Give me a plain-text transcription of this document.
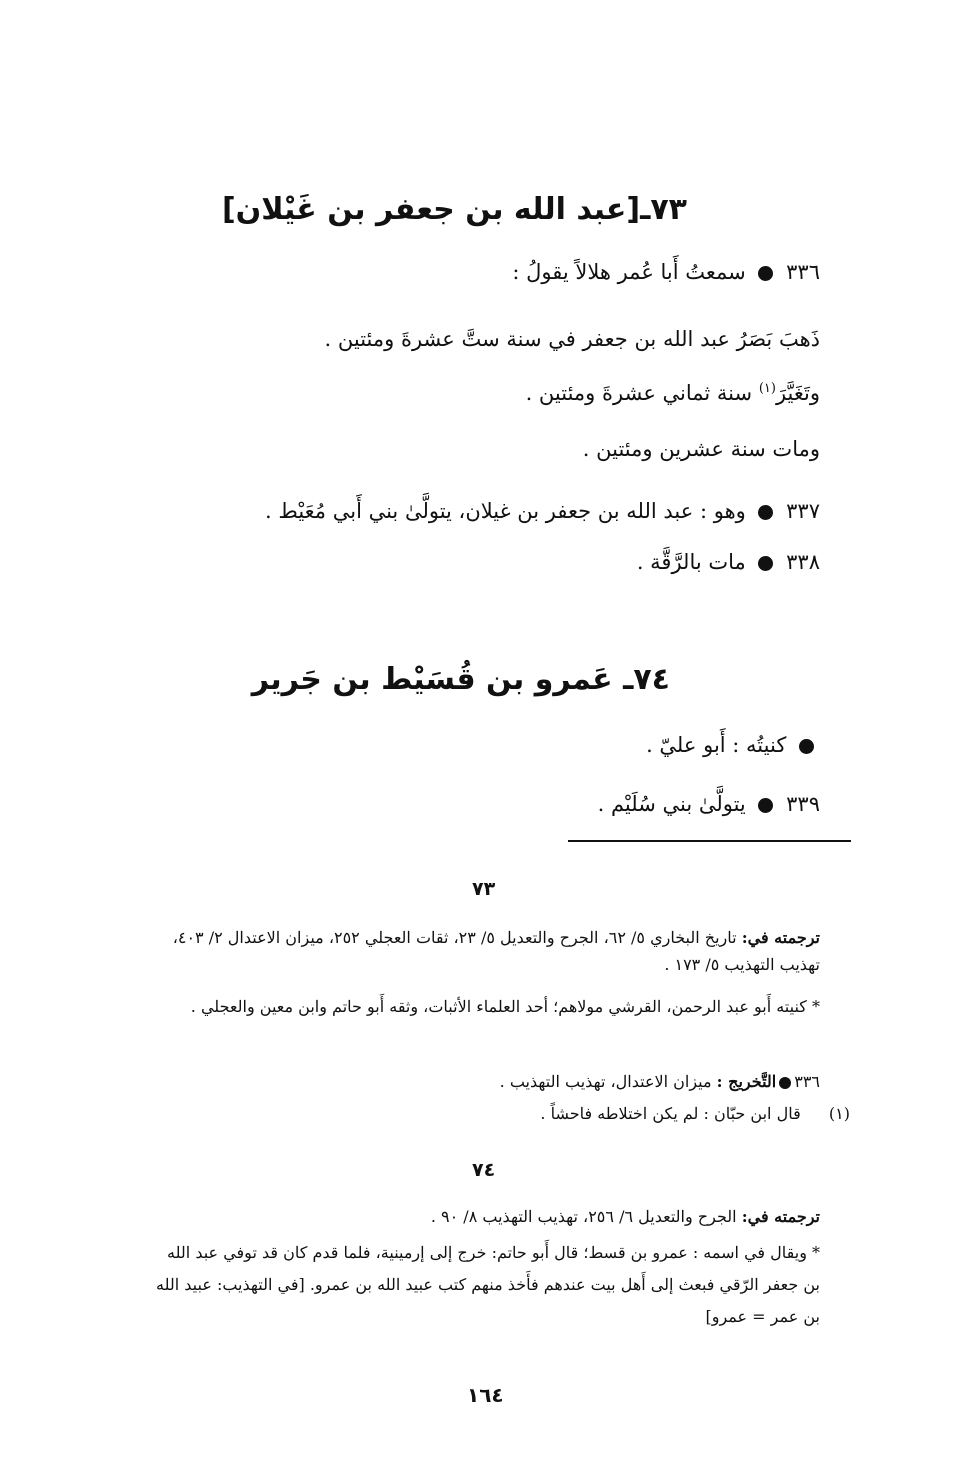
٧٣ـ[عبد الله بن جعفر بن غَيْلان]
٣٣٦  سمعتُ أَبا عُمر هلالاً يقولُ :
ذَهبَ بَصَرُ عبد الله بن جعفر في سنة ستَّ عشرةَ ومئتين .
وتَغَيَّرَ$^{(١)}$ سنة ثماني عشرةَ ومئتين .
ومات سنة عشرين ومئتين .
٣٣٧  وهو : عبد الله بن جعفر بن غيلان، يتولَّىٰ بني أَبي مُعَيْط .
٣٣٨  مات بالرَّقَّة .
٧٤ـ عَمرو بن قُسَيْط بن جَرير
كنيتُه : أَبو عليّ .
٣٣٩  يتولَّىٰ بني سُلَيْم .
٧٣
ترجمته في: تاريخ البخاري ٥/ ٦٢، الجرح والتعديل ٥/ ٢٣، ثقات العجلي ٢٥٢، ميزان الاعتدال ٢/ ٤٠٣، تهذيب التهذيب ٥/ ١٧٣ .
* كنيته أَبو عبد الرحمن، القرشي مولاهم؛ أحد العلماء الأثبات، وثقه أَبو حاتم وابن معين والعجلي .
٣٣٦التَّخريج : ميزان الاعتدال، تهذيب التهذيب .
(١)  قال ابن حبّان : لم يكن اختلاطه فاحشاً .
٧٤
ترجمته في: الجرح والتعديل ٦/ ٢٥٦، تهذيب التهذيب ٨/ ٩٠ .
* ويقال في اسمه : عمرو بن قسط؛ قال أَبو حاتم: خرج إلى إرمينية، فلما قدم كان قد توفي عبد الله بن جعفر الرّقي فبعث إلى أَهل بيت عندهم فأَخذ منهم كتب عبيد الله بن عمرو. [في التهذيب: عبيد الله بن عمر = عمرو]
١٦٤
